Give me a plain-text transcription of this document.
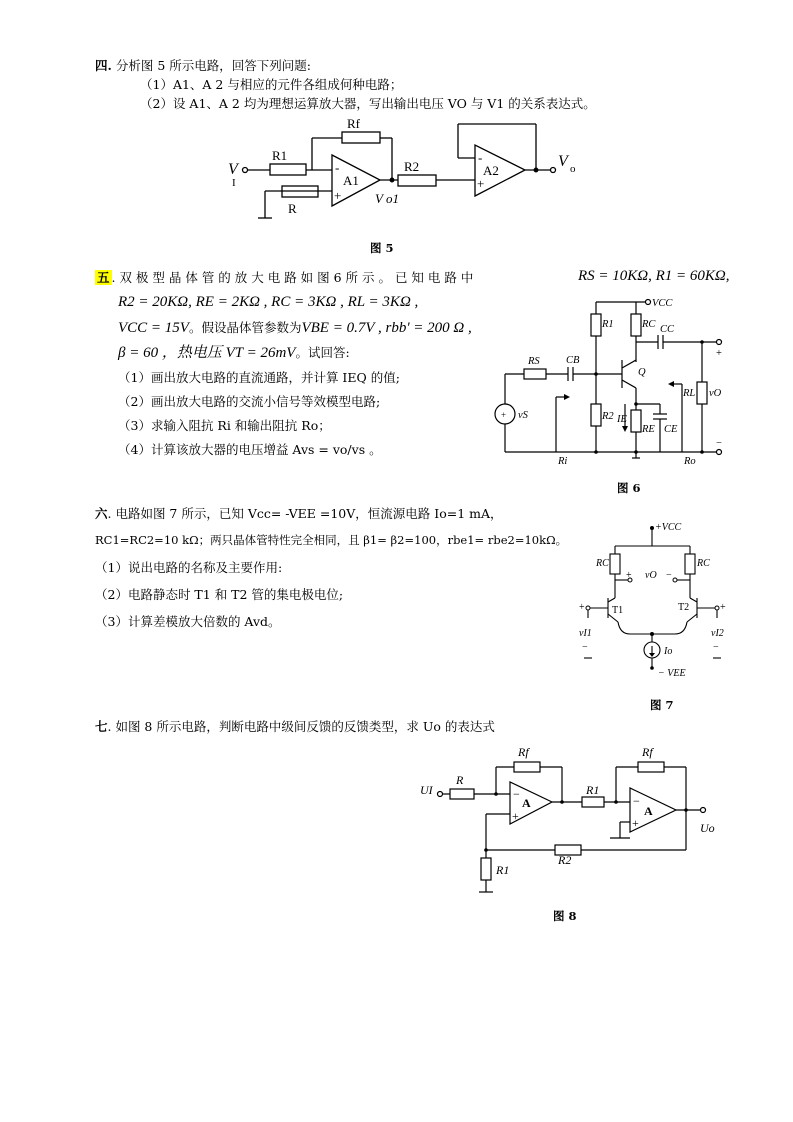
四. 分析图 5 所示电路，回答下列问题:
（1）A1、A 2 与相应的元件各组成何种电路；
（2）设 A1、A 2 均为理想运算放大器，写出输出电压 VO 与 V1 的关系表达式。
Rf
R1
R
R2
A1
A2
-
+
-
+
V
I
V o1
V o
图 5
五 . 双 极 型 晶 体 管 的 放 大 电 路 如 图 6 所 示 。 已 知 电 路 中	RS = 10KΩ, R1 = 60KΩ,
R2 = 20KΩ, RE = 2KΩ , RC = 3KΩ , RL = 3KΩ ,
VCC = 15V。假设晶体管参数为VBE = 0.7V , rbb' = 200 Ω ,
β = 60 ，热电压 VT = 26mV。试回答:
（1）画出放大电路的直流通路，并计算 IEQ 的值;
（2）画出放大电路的交流小信号等效模型电路;
（3）求输入阻抗 Ri 和输出阻抗 Ro；
（4）计算该放大器的电压增益 Avs = vo/vs 。
VCC
R1	RC CC
Q
RS	CB
RL vO
vS	R2 IE
RE CE
Ri	Ro
+
−
+
图 6
六. 电路如图 7 所示，已知 Vcc= -VEE =10V，恒流源电路 Io=1 mA，
RC1=RC2=10 kΩ；两只晶体管特性完全相同，且 β1= β2=100，rbe1= rbe2=10kΩ。
（1）说出电路的名称及主要作用:
（2）电路静态时 T1 和 T2 管的集电极电位;
（3）计算差模放大倍数的 Avd。
+VCC
RC	RC
vO
T1	T2
vI1	vI2
Io
− VEE
+	−
+
−
+
−
图 7
七. 如图 8 所示电路，判断电路中级间反馈的反馈类型，求 Uo 的表达式
Rf	Rf
R
UI
A
A
R1
R1
R2
Uo
−
+
−
+
图 8
